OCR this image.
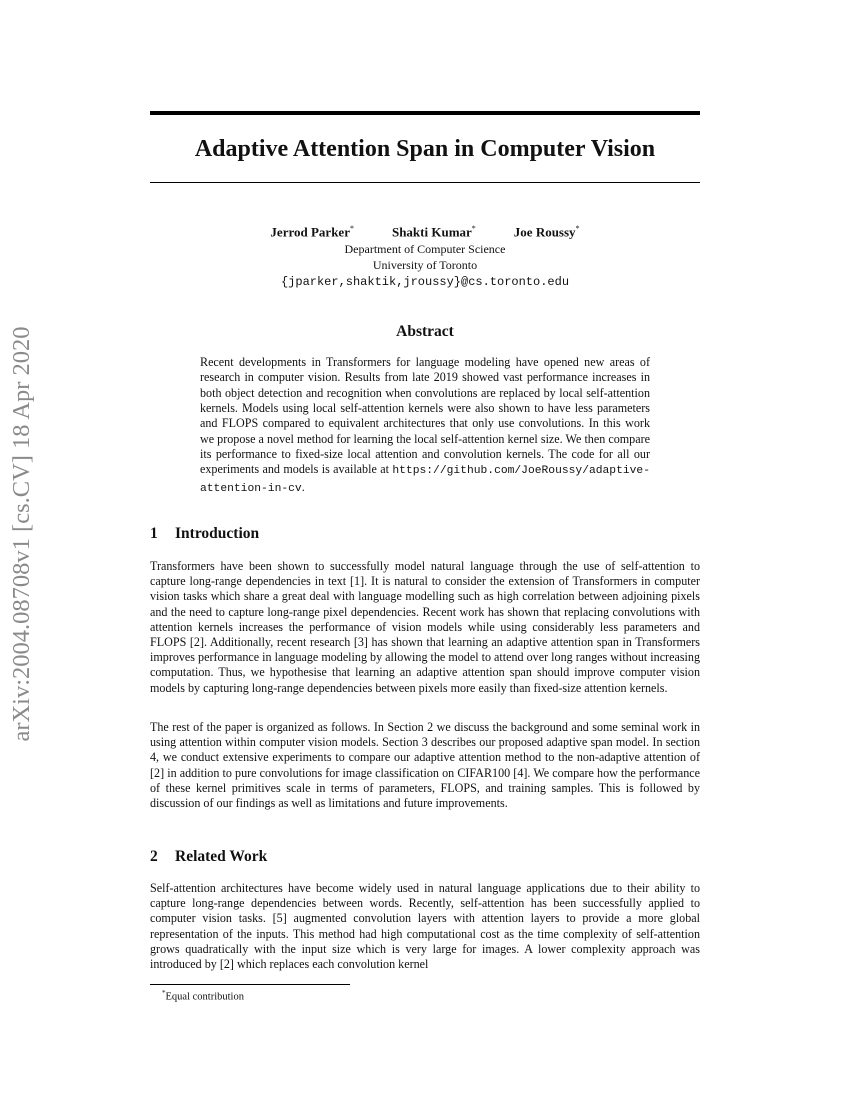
arXiv:2004.08708v1 [cs.CV] 18 Apr 2020
Adaptive Attention Span in Computer Vision
Jerrod Parker*	Shakti Kumar*	Joe Roussy*
Department of Computer Science
University of Toronto
{jparker,shaktik,jroussy}@cs.toronto.edu
Abstract

Recent developments in Transformers for language modeling have opened new areas of research in computer vision. Results from late 2019 showed vast performance increases in both object detection and recognition when convolutions are replaced by local self-attention kernels. Models using local self-attention kernels were also shown to have less parameters and FLOPS compared to equivalent architectures that only use convolutions. In this work we propose a novel method for learning the local self-attention kernel size. We then compare its performance to fixed-size local attention and convolution kernels. The code for all our experiments and models is available at https://github.com/JoeRoussy/adaptive-attention-in-cv.

1 Introduction

Transformers have been shown to successfully model natural language through the use of self-attention to capture long-range dependencies in text [1]. It is natural to consider the extension of Transformers in computer vision tasks which share a great deal with language modelling such as high correlation between adjoining pixels and the need to capture long-range pixel dependencies. Recent work has shown that replacing convolutions with attention kernels increases the performance of vision models while using considerably less parameters and FLOPS [2]. Additionally, recent research [3] has shown that learning an adaptive attention span in Transformers improves performance in language modeling by allowing the model to attend over long ranges without increasing computation. Thus, we hypothesise that learning an adaptive attention span should improve computer vision models by capturing long-range dependencies between pixels more easily than fixed-size attention kernels.

The rest of the paper is organized as follows. In Section 2 we discuss the background and some seminal work in using attention within computer vision models. Section 3 describes our proposed adaptive span model. In section 4, we conduct extensive experiments to compare our adaptive attention method to the non-adaptive attention of [2] in addition to pure convolutions for image classification on CIFAR100 [4]. We compare how the performance of these kernel primitives scale in terms of parameters, FLOPS, and training samples. This is followed by discussion of our findings as well as limitations and future improvements.

2 Related Work

Self-attention architectures have become widely used in natural language applications due to their ability to capture long-range dependencies between words. Recently, self-attention has been successfully applied to computer vision tasks. [5] augmented convolution layers with attention layers to provide a more global representation of the inputs. This method had high computational cost as the time complexity of self-attention grows quadratically with the input size which is very large for images. A lower complexity approach was introduced by [2] which replaces each convolution kernel

*Equal contribution
